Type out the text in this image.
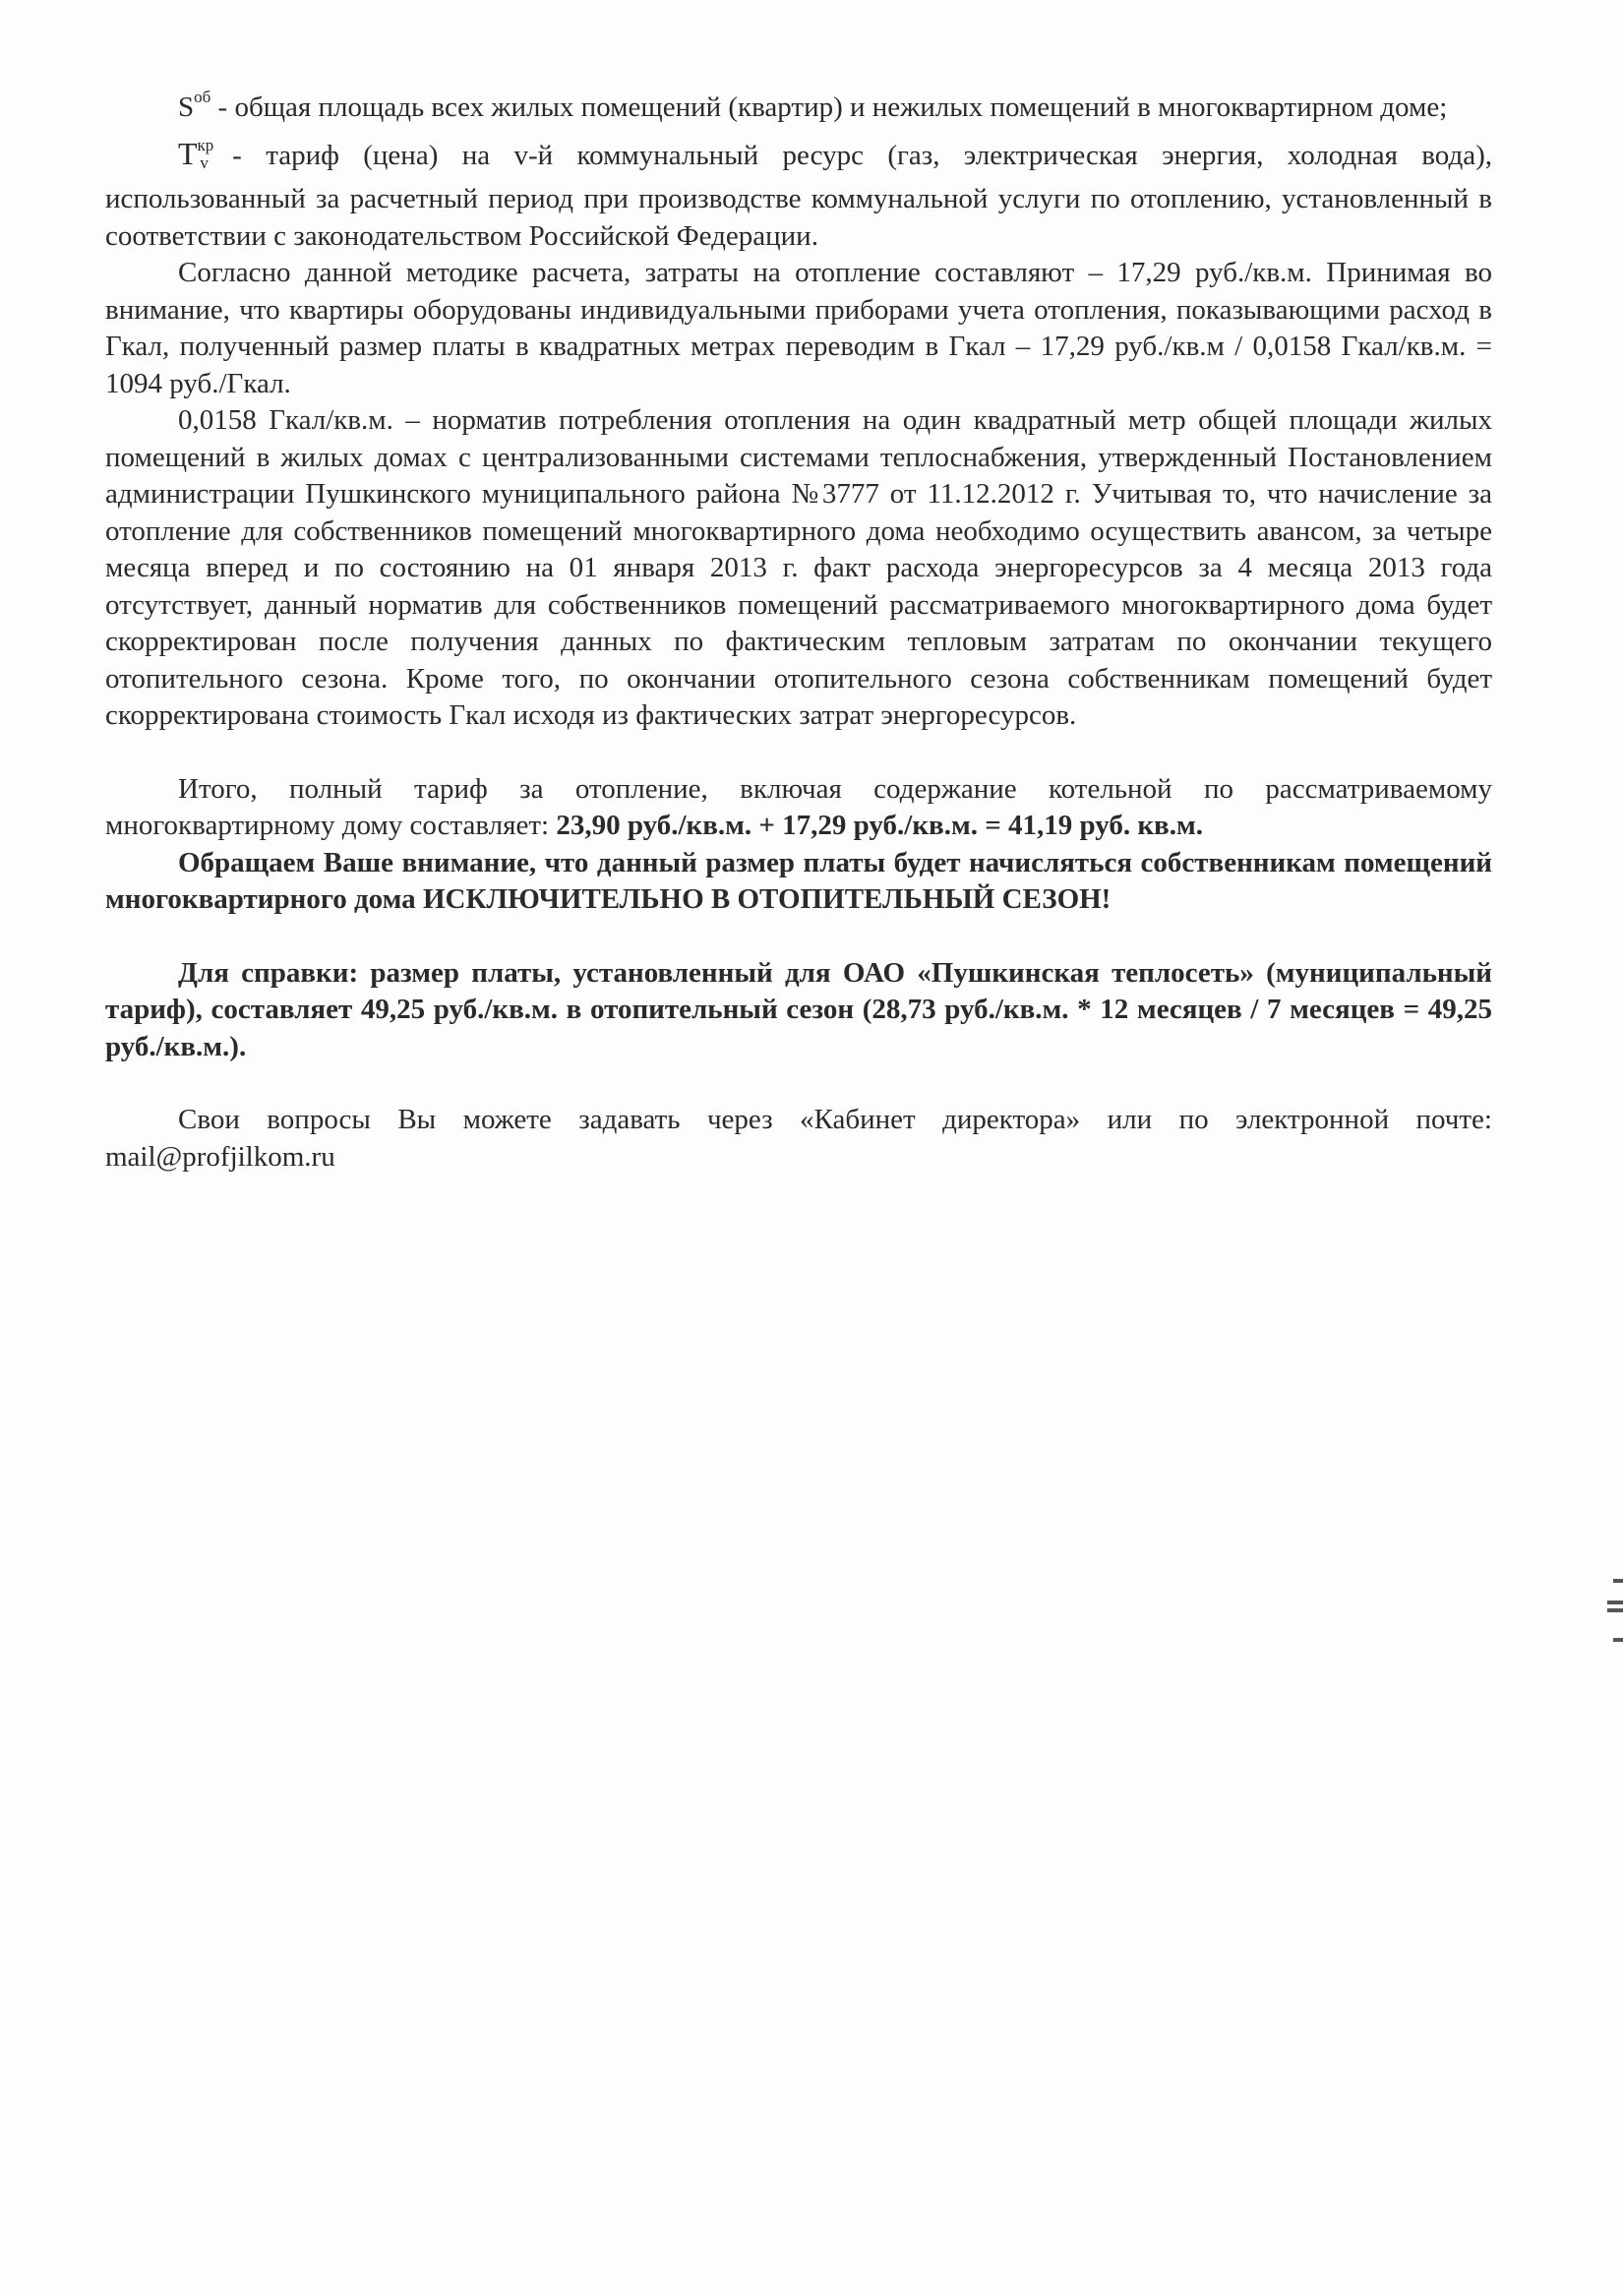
$S^{об}$ - общая площадь всех жилых помещений (квартир) и нежилых помещений в многоквартирном доме;

$T^{кр}_v$ - тариф (цена) на v-й коммунальный ресурс (газ, электрическая энергия, холодная вода), использованный за расчетный период при производстве коммунальной услуги по отоплению, установленный в соответствии с законодательством Российской Федерации.

Согласно данной методике расчета, затраты на отопление составляют – 17,29 руб./кв.м. Принимая во внимание, что квартиры оборудованы индивидуальными приборами учета отопления, показывающими расход в Гкал, полученный размер платы в квадратных метрах переводим в Гкал – 17,29 руб./кв.м / 0,0158 Гкал/кв.м. = 1094 руб./Гкал.

0,0158 Гкал/кв.м. – норматив потребления отопления на один квадратный метр общей площади жилых помещений в жилых домах с централизованными системами теплоснабжения, утвержденный Постановлением администрации Пушкинского муниципального района №3777 от 11.12.2012 г. Учитывая то, что начисление за отопление для собственников помещений многоквартирного дома необходимо осуществить авансом, за четыре месяца вперед и по состоянию на 01 января 2013 г. факт расхода энергоресурсов за 4 месяца 2013 года отсутствует, данный норматив для собственников помещений рассматриваемого многоквартирного дома будет скорректирован после получения данных по фактическим тепловым затратам по окончании текущего отопительного сезона. Кроме того, по окончании отопительного сезона собственникам помещений будет скорректирована стоимость Гкал исходя из фактических затрат энергоресурсов.

Итого, полный тариф за отопление, включая содержание котельной по рассматриваемому многоквартирному дому составляет: 23,90 руб./кв.м. + 17,29 руб./кв.м. = 41,19 руб. кв.м.

Обращаем Ваше внимание, что данный размер платы будет начисляться собственникам помещений многоквартирного дома ИСКЛЮЧИТЕЛЬНО В ОТОПИТЕЛЬНЫЙ СЕЗОН!

Для справки: размер платы, установленный для ОАО «Пушкинская теплосеть» (муниципальный тариф), составляет 49,25 руб./кв.м. в отопительный сезон (28,73 руб./кв.м. * 12 месяцев / 7 месяцев = 49,25 руб./кв.м.).

Свои вопросы Вы можете задавать через «Кабинет директора» или по электронной почте: mail@profjilkom.ru
